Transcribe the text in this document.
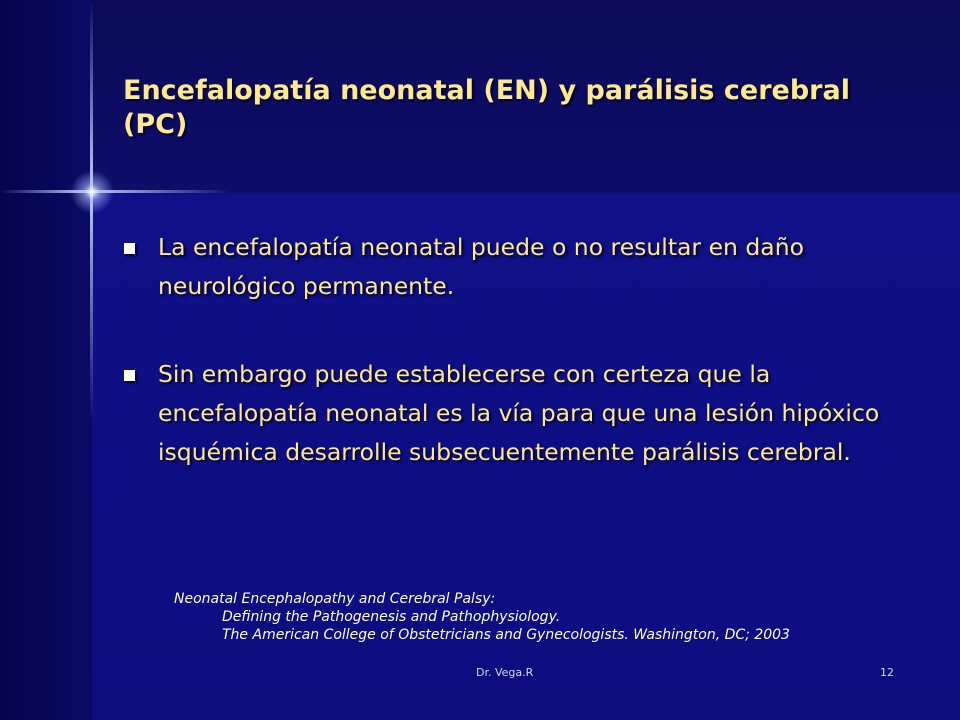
Encefalopatía neonatal (EN) y parálisis cerebral (PC)
La encefalopatía neonatal puede o no resultar en daño neurológico permanente.
Sin embargo puede establecerse con certeza que la encefalopatía neonatal es la vía para que una lesión hipóxico isquémica desarrolle subsecuentemente parálisis cerebral.
Neonatal Encephalopathy and Cerebral Palsy:
Defining the Pathogenesis and Pathophysiology.
The American College of Obstetricians and Gynecologists. Washington, DC; 2003
Dr. Vega.R	12
